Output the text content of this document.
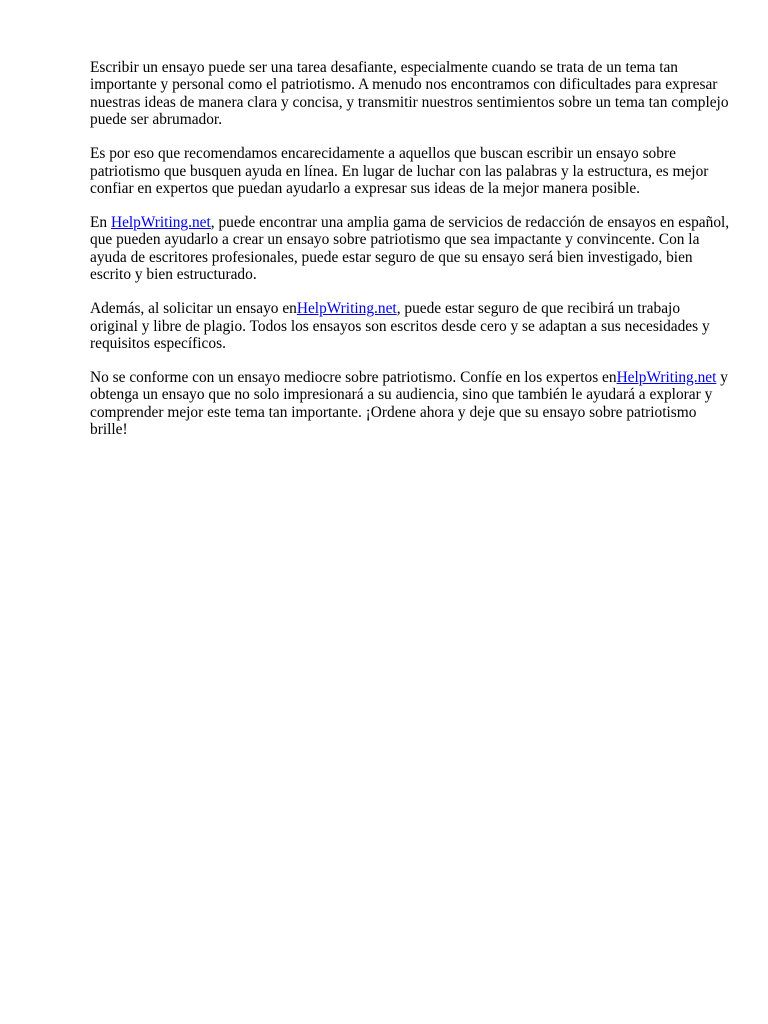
Escribir un ensayo puede ser una tarea desafiante, especialmente cuando se trata de un tema tan importante y personal como el patriotismo. A menudo nos encontramos con dificultades para expresar nuestras ideas de manera clara y concisa, y transmitir nuestros sentimientos sobre un tema tan complejo puede ser abrumador.

Es por eso que recomendamos encarecidamente a aquellos que buscan escribir un ensayo sobre patriotismo que busquen ayuda en línea. En lugar de luchar con las palabras y la estructura, es mejor confiar en expertos que puedan ayudarlo a expresar sus ideas de la mejor manera posible.

En HelpWriting.net, puede encontrar una amplia gama de servicios de redacción de ensayos en español, que pueden ayudarlo a crear un ensayo sobre patriotismo que sea impactante y convincente. Con la ayuda de escritores profesionales, puede estar seguro de que su ensayo será bien investigado, bien escrito y bien estructurado.

Además, al solicitar un ensayo enHelpWriting.net, puede estar seguro de que recibirá un trabajo original y libre de plagio. Todos los ensayos son escritos desde cero y se adaptan a sus necesidades y requisitos específicos.

No se conforme con un ensayo mediocre sobre patriotismo. Confíe en los expertos enHelpWriting.net y obtenga un ensayo que no solo impresionará a su audiencia, sino que también le ayudará a explorar y comprender mejor este tema tan importante. ¡Ordene ahora y deje que su ensayo sobre patriotismo brille!
